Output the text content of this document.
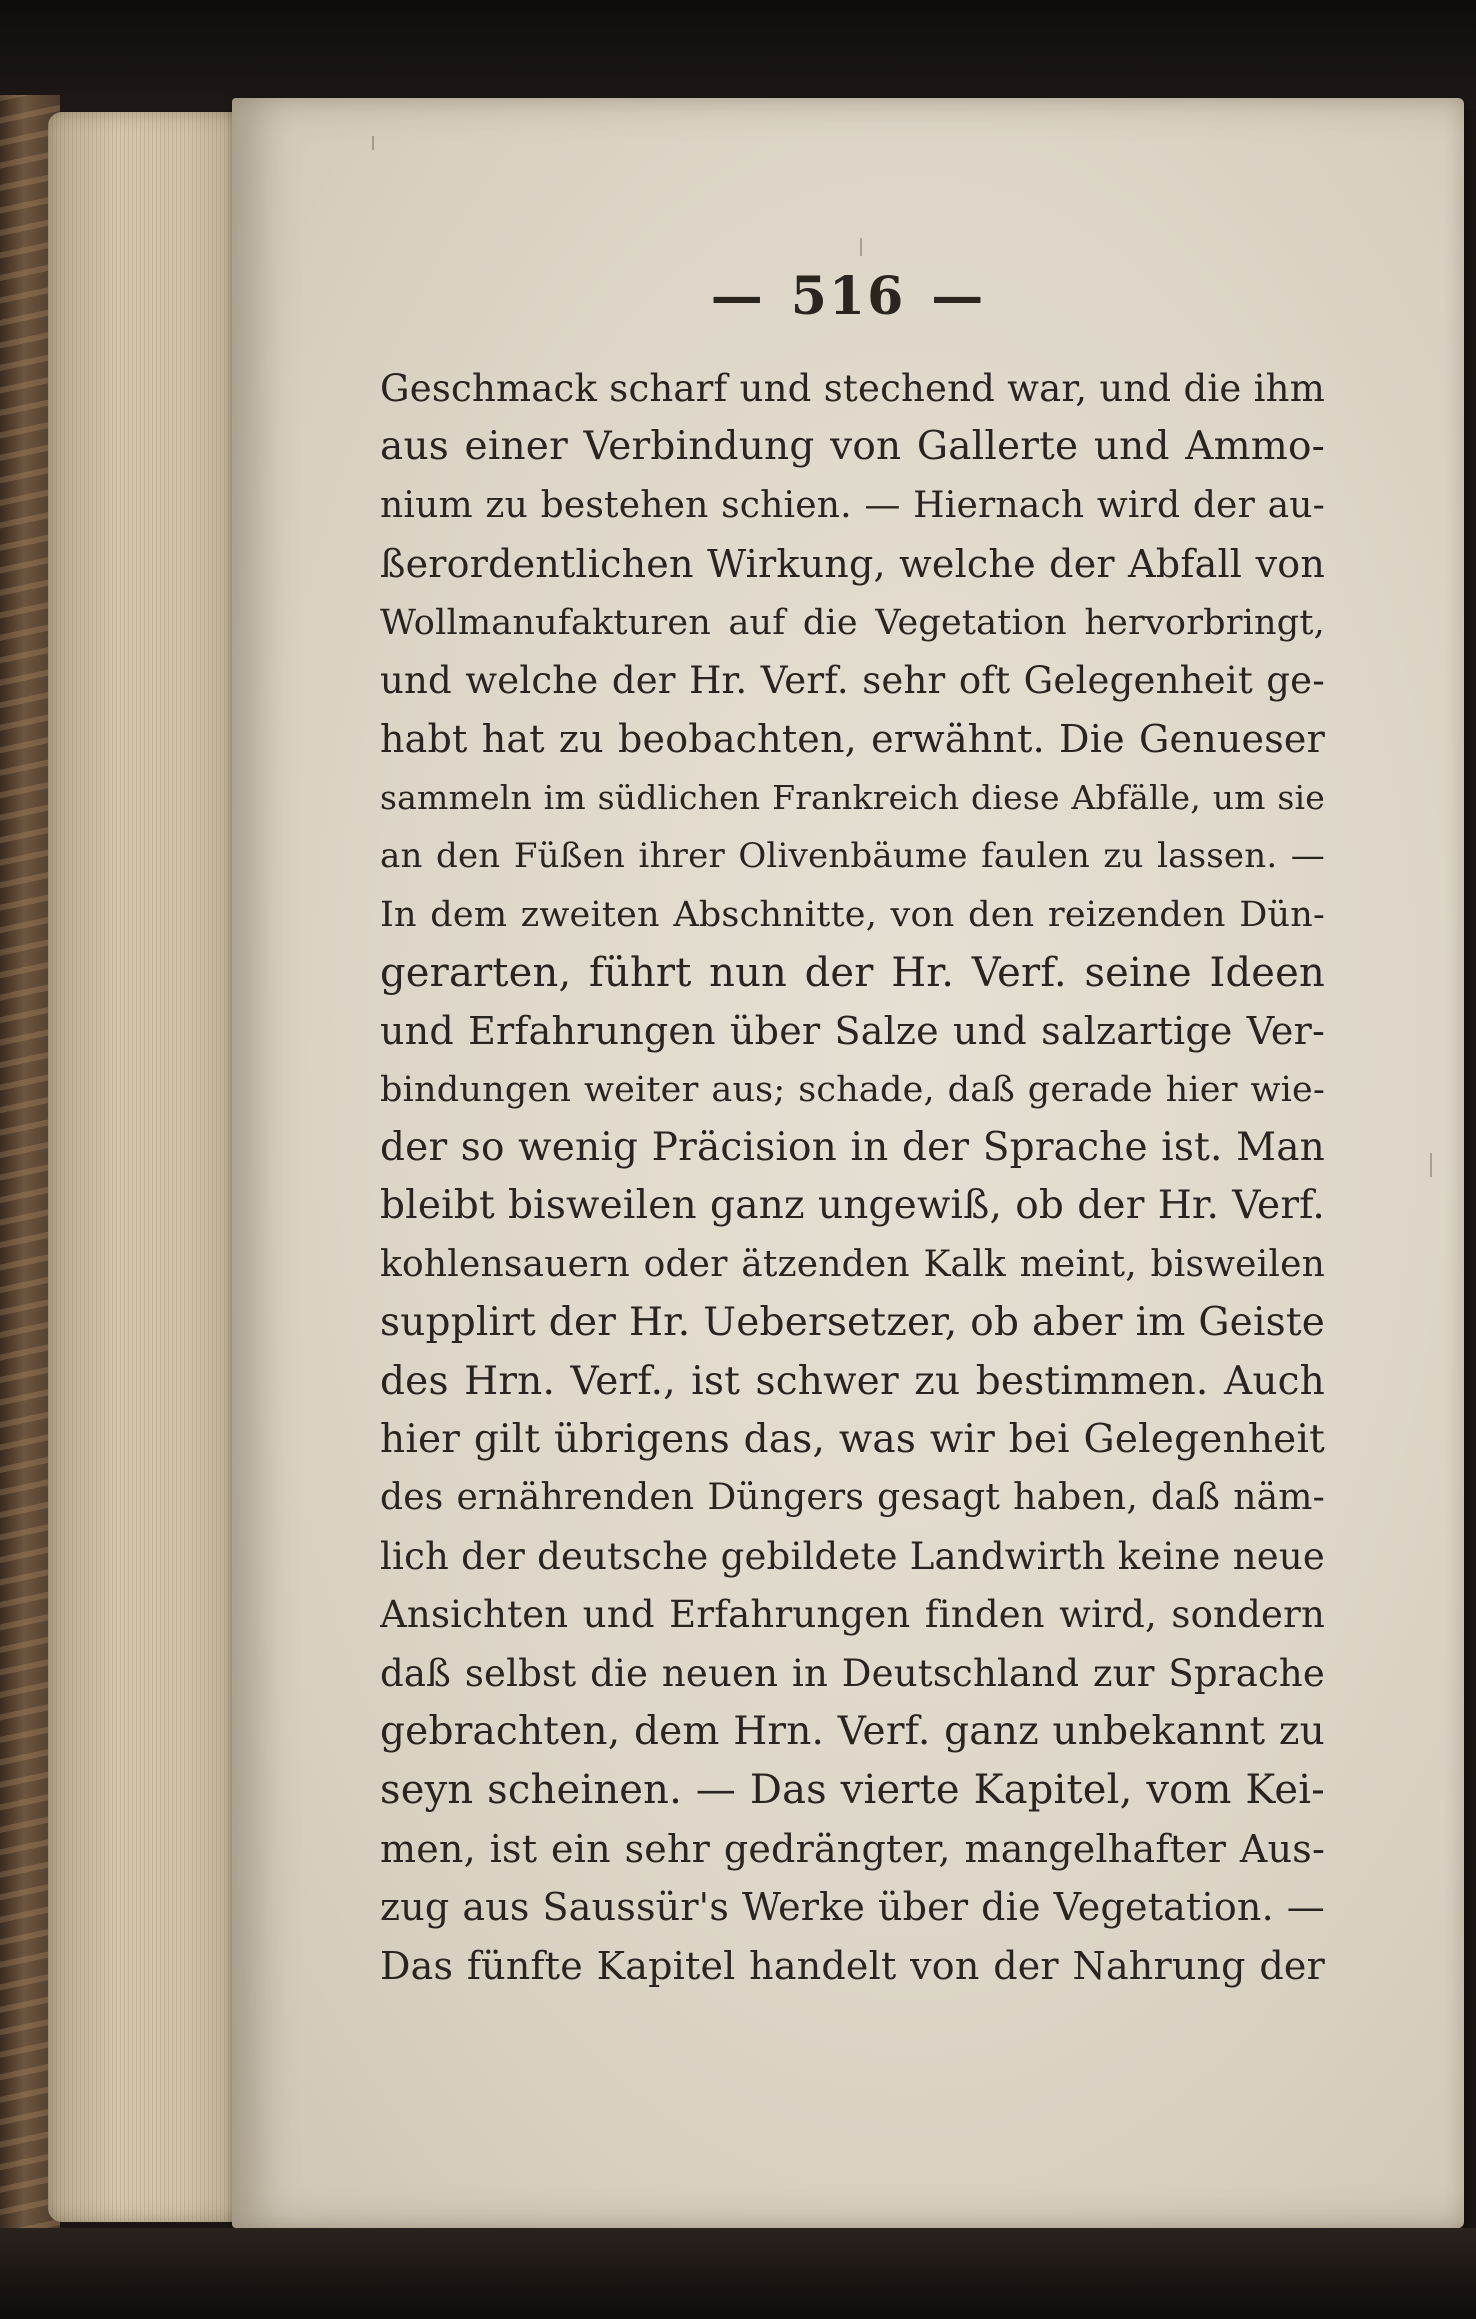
— 516 —

Geschmack scharf und stechend war, und die ihm
aus einer Verbindung von Gallerte und Ammo-
nium zu bestehen schien. — Hiernach wird der au-
ßerordentlichen Wirkung, welche der Abfall von
Wollmanufakturen auf die Vegetation hervorbringt,
und welche der Hr. Verf. sehr oft Gelegenheit ge-
habt hat zu beobachten, erwähnt. Die Genueser
sammeln im südlichen Frankreich diese Abfälle, um sie
an den Füßen ihrer Olivenbäume faulen zu lassen. —
In dem zweiten Abschnitte, von den reizenden Dün-
gerarten, führt nun der Hr. Verf. seine Ideen
und Erfahrungen über Salze und salzartige Ver-
bindungen weiter aus; schade, daß gerade hier wie-
der so wenig Präcision in der Sprache ist. Man
bleibt bisweilen ganz ungewiß, ob der Hr. Verf.
kohlensauern oder ätzenden Kalk meint, bisweilen
supplirt der Hr. Uebersetzer, ob aber im Geiste
des Hrn. Verf., ist schwer zu bestimmen. Auch
hier gilt übrigens das, was wir bei Gelegenheit
des ernährenden Düngers gesagt haben, daß näm-
lich der deutsche gebildete Landwirth keine neue
Ansichten und Erfahrungen finden wird, sondern
daß selbst die neuen in Deutschland zur Sprache
gebrachten, dem Hrn. Verf. ganz unbekannt zu
seyn scheinen. — Das vierte Kapitel, vom Kei-
men, ist ein sehr gedrängter, mangelhafter Aus-
zug aus Saussür's Werke über die Vegetation. —
Das fünfte Kapitel handelt von der Nahrung der
